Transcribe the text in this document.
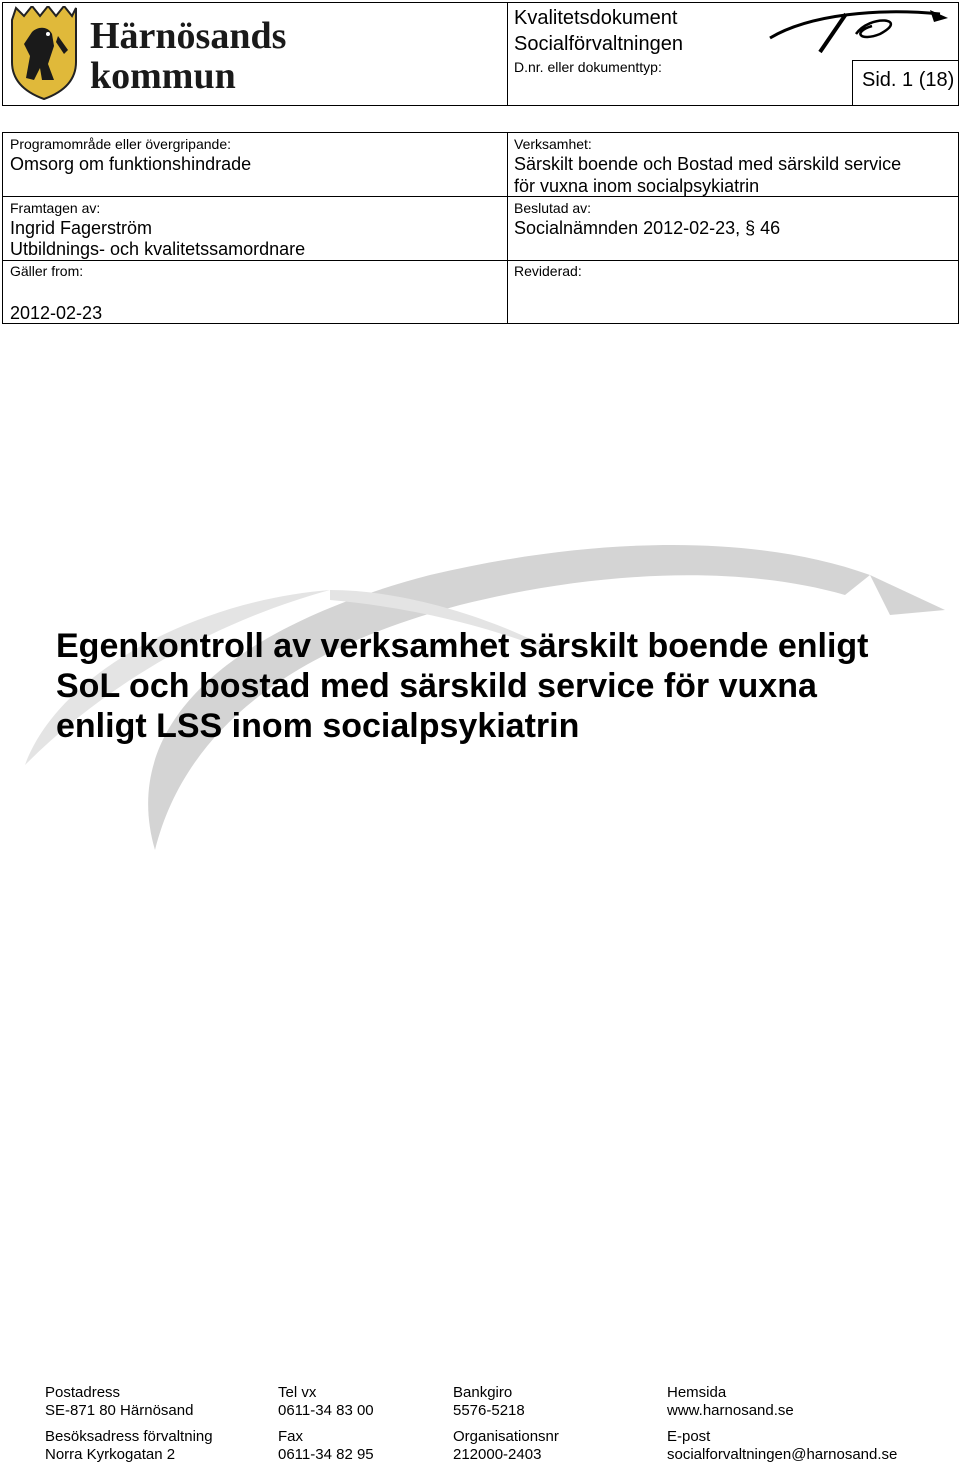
Härnösands
kommun
Kvalitetsdokument
Socialförvaltningen
D.nr. eller dokumenttyp:
Sid. 1 (18)
Programområde eller övergripande:
Omsorg om funktionshindrade
Framtagen av:
Ingrid Fagerström
Utbildnings- och kvalitetssamordnare
Gäller from:
2012-02-23
Verksamhet:
Särskilt boende och Bostad med särskild service
för vuxna inom socialpsykiatrin
Beslutad av:
Socialnämnden 2012-02-23, § 46
Reviderad:
Egenkontroll av verksamhet särskilt boende enligt
SoL och bostad med särskild service för vuxna
enligt LSS inom socialpsykiatrin
Postadress
SE-871 80 Härnösand
Besöksadress förvaltning
Norra Kyrkogatan 2
Tel vx
0611-34 83 00
Fax
0611-34 82 95
Bankgiro
5576-5218
Organisationsnr
212000-2403
Hemsida
www.harnosand.se
E-post
socialforvaltningen@harnosand.se
